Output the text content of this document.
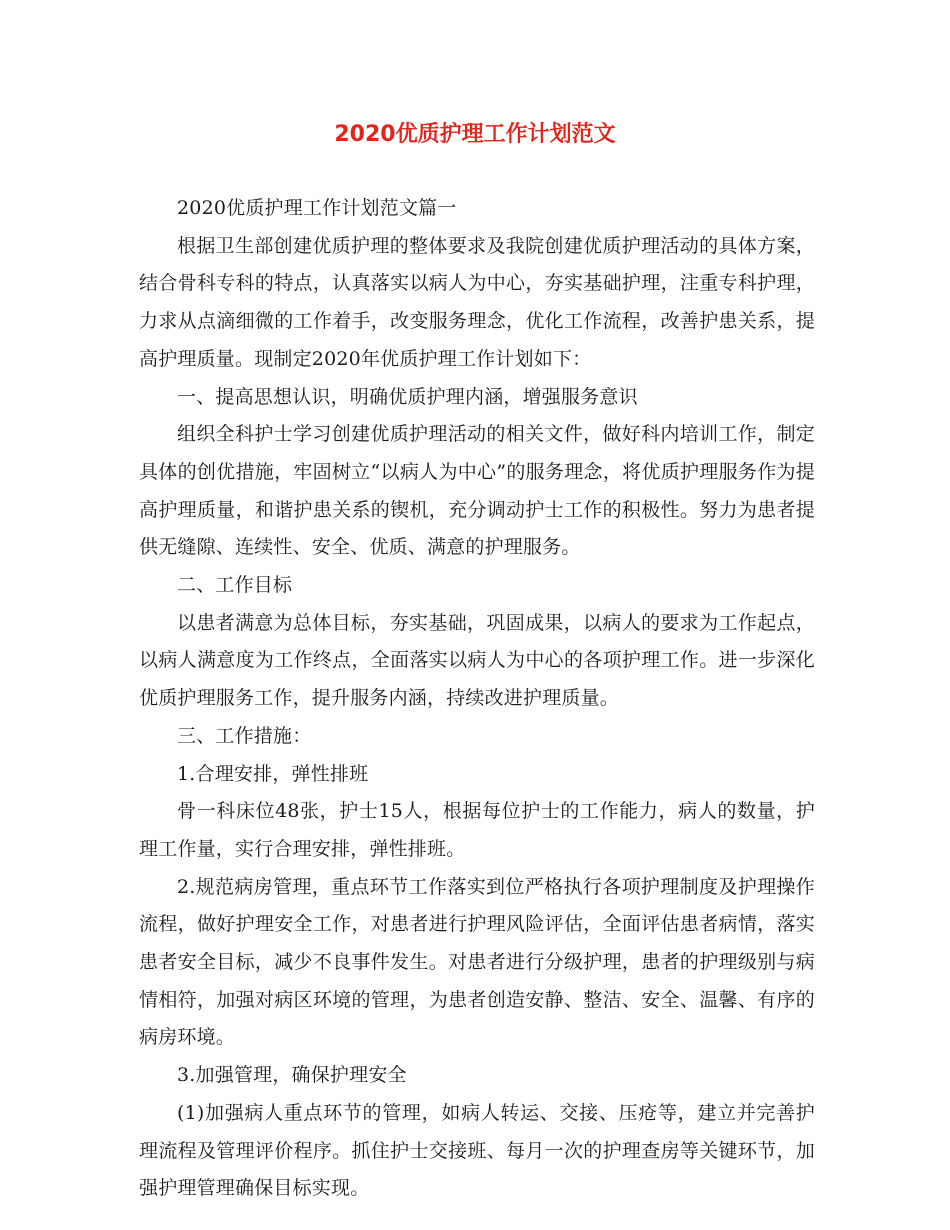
2020优质护理工作计划范文

2020优质护理工作计划范文篇一

根据卫生部创建优质护理的整体要求及我院创建优质护理活动的具体方案，结合骨科专科的特点，认真落实以病人为中心，夯实基础护理，注重专科护理，力求从点滴细微的工作着手，改变服务理念，优化工作流程，改善护患关系，提高护理质量。现制定2020年优质护理工作计划如下：

一、提高思想认识，明确优质护理内涵，增强服务意识

组织全科护士学习创建优质护理活动的相关文件，做好科内培训工作，制定具体的创优措施，牢固树立“以病人为中心”的服务理念，将优质护理服务作为提高护理质量，和谐护患关系的锲机，充分调动护士工作的积极性。努力为患者提供无缝隙、连续性、安全、优质、满意的护理服务。

二、工作目标

以患者满意为总体目标，夯实基础，巩固成果，以病人的要求为工作起点，以病人满意度为工作终点，全面落实以病人为中心的各项护理工作。进一步深化优质护理服务工作，提升服务内涵，持续改进护理质量。

三、工作措施：

1.合理安排，弹性排班

骨一科床位48张，护士15人，根据每位护士的工作能力，病人的数量，护理工作量，实行合理安排，弹性排班。

2.规范病房管理，重点环节工作落实到位严格执行各项护理制度及护理操作流程，做好护理安全工作，对患者进行护理风险评估，全面评估患者病情，落实患者安全目标，减少不良事件发生。对患者进行分级护理，患者的护理级别与病情相符，加强对病区环境的管理，为患者创造安静、整洁、安全、温馨、有序的病房环境。

3.加强管理，确保护理安全

(1)加强病人重点环节的管理，如病人转运、交接、压疮等，建立并完善护理流程及管理评价程序。抓住护士交接班、每月一次的护理查房等关键环节，加强护理管理确保目标实现。
